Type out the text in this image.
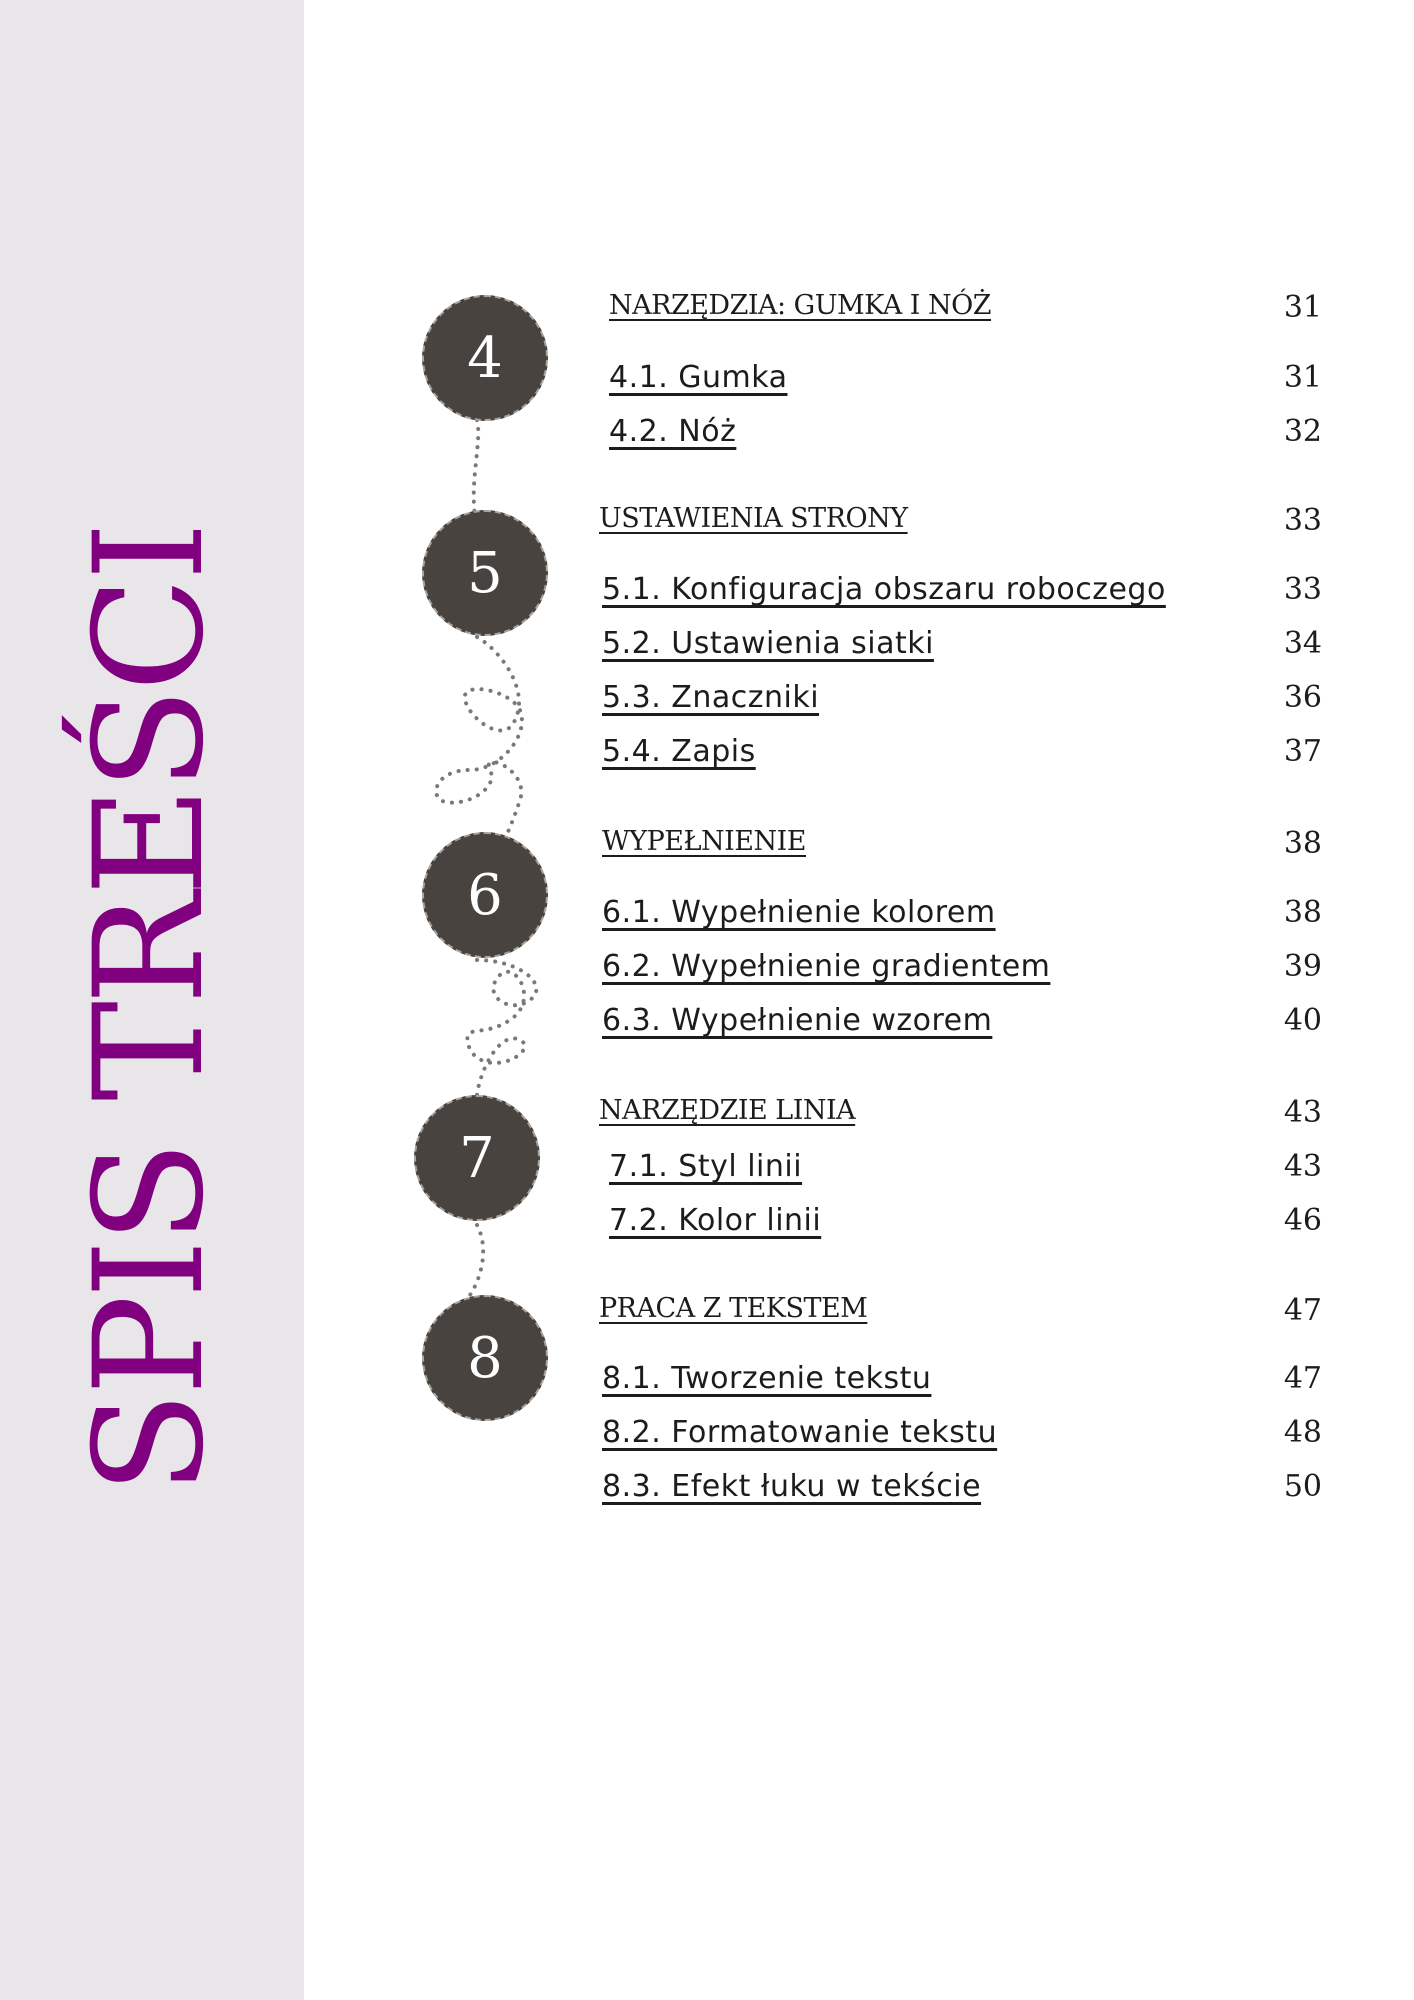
SPIS TREŚCI
4
5
6
7
8
NARZĘDZIA: GUMKA I NÓŻ	31
4.1. Gumka	31
4.2. Nóż	32
USTAWIENIA STRONY	33
5.1. Konfiguracja obszaru roboczego	33
5.2. Ustawienia siatki	34
5.3. Znaczniki	36
5.4. Zapis	37
WYPEŁNIENIE	38
6.1. Wypełnienie kolorem	38
6.2. Wypełnienie gradientem	39
6.3. Wypełnienie wzorem	40
NARZĘDZIE LINIA	43
7.1. Styl linii	43
7.2. Kolor linii	46
PRACA Z TEKSTEM	47
8.1. Tworzenie tekstu	47
8.2. Formatowanie tekstu	48
8.3. Efekt łuku w tekście	50
